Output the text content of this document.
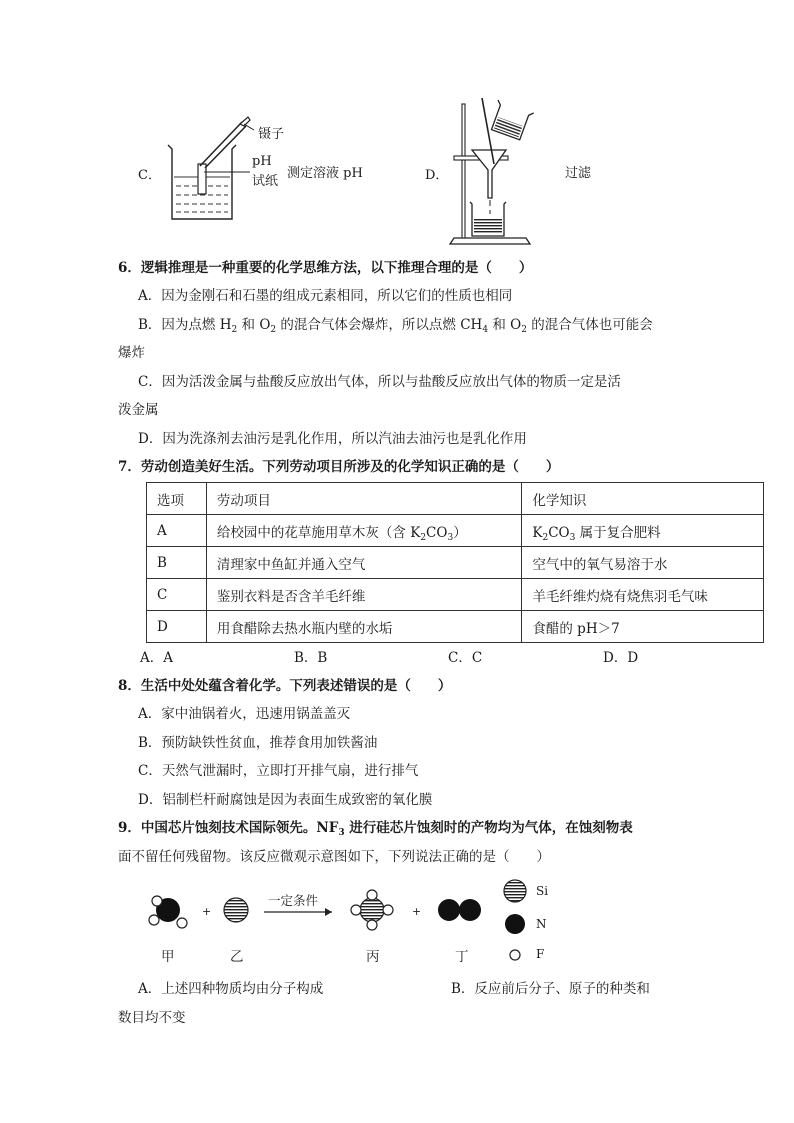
C．
镊子
pH
试纸
测定溶液 pH	D．	过滤
6．逻辑推理是一种重要的化学思维方法，以下推理合理的是（　　）
A．因为金刚石和石墨的组成元素相同，所以它们的性质也相同
B．因为点燃 $H_2$ 和 $O_2$ 的混合气体会爆炸，所以点燃 $CH_4$ 和 $O_2$ 的混合气体也可能会
爆炸
C．因为活泼金属与盐酸反应放出气体，所以与盐酸反应放出气体的物质一定是活
泼金属
D．因为洗涤剂去油污是乳化作用，所以汽油去油污也是乳化作用
7．劳动创造美好生活。下列劳动项目所涉及的化学知识正确的是（　　）
选项	劳动项目	化学知识
A	给校园中的花草施用草木灰（含 $K_2CO_3$）	$K_2CO_3$ 属于复合肥料
B	清理家中鱼缸并通入空气	空气中的氧气易溶于水
C	鉴别衣料是否含羊毛纤维	羊毛纤维灼烧有烧焦羽毛气味
D	用食醋除去热水瓶内壁的水垢	食醋的 pH＞7
A．A	B．B	C．C	D．D
8．生活中处处蕴含着化学。下列表述错误的是（　　）
A．家中油锅着火，迅速用锅盖盖灭
B．预防缺铁性贫血，推荐食用加铁酱油
C．天然气泄漏时，立即打开排气扇，进行排气
D．铝制栏杆耐腐蚀是因为表面生成致密的氧化膜
9．中国芯片蚀刻技术国际领先。$NF_3$ 进行硅芯片蚀刻时的产物均为气体，在蚀刻物表
面不留任何残留物。该反应微观示意图如下，下列说法正确的是（　　）
+
一定条件
+
Si
N
F
甲	乙	丙	丁
A．上述四种物质均由分子构成	B．反应前后分子、原子的种类和
数目均不变
